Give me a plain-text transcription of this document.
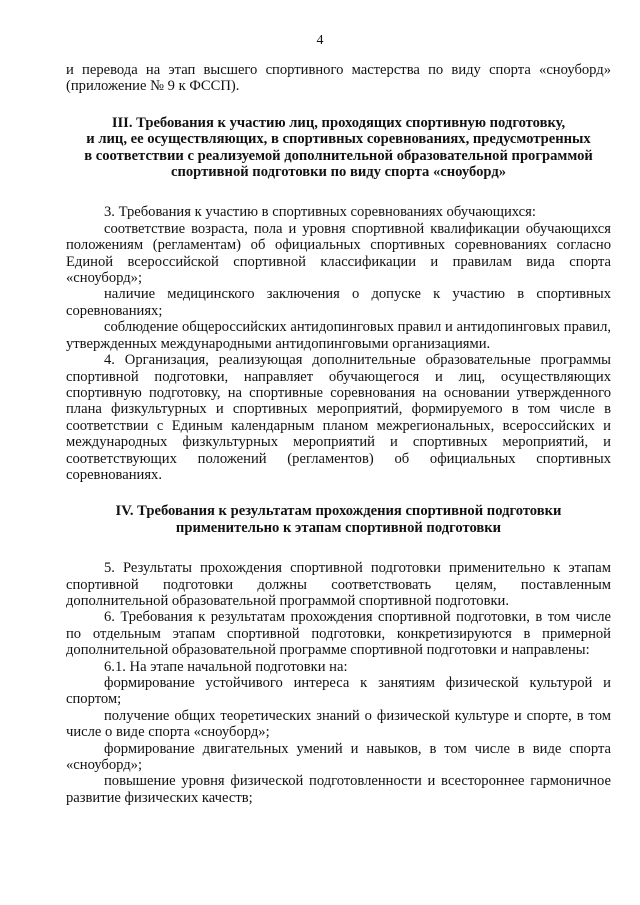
4

и перевода на этап высшего спортивного мастерства по виду спорта «сноуборд» (приложение № 9 к ФССП).

III. Требования к участию лиц, проходящих спортивную подготовку,
и лиц, ее осуществляющих, в спортивных соревнованиях, предусмотренных
в соответствии с реализуемой дополнительной образовательной программой
спортивной подготовки по виду спорта «сноуборд»

3. Требования к участию в спортивных соревнованиях обучающихся:

соответствие возраста, пола и уровня спортивной квалификации обучающихся положениям (регламентам) об официальных спортивных соревнованиях согласно Единой всероссийской спортивной классификации и правилам вида спорта «сноуборд»;

наличие медицинского заключения о допуске к участию в спортивных соревнованиях;

соблюдение общероссийских антидопинговых правил и антидопинговых правил, утвержденных международными антидопинговыми организациями.

4. Организация, реализующая дополнительные образовательные программы спортивной подготовки, направляет обучающегося и лиц, осуществляющих спортивную подготовку, на спортивные соревнования на основании утвержденного плана физкультурных и спортивных мероприятий, формируемого в том числе в соответствии с Единым календарным планом межрегиональных, всероссийских и международных физкультурных мероприятий и спортивных мероприятий, и соответствующих положений (регламентов) об официальных спортивных соревнованиях.

IV. Требования к результатам прохождения спортивной подготовки
применительно к этапам спортивной подготовки

5. Результаты прохождения спортивной подготовки применительно к этапам спортивной подготовки должны соответствовать целям, поставленным дополнительной образовательной программой спортивной подготовки.

6. Требования к результатам прохождения спортивной подготовки, в том числе по отдельным этапам спортивной подготовки, конкретизируются в примерной дополнительной образовательной программе спортивной подготовки и направлены:

6.1. На этапе начальной подготовки на:

формирование устойчивого интереса к занятиям физической культурой и спортом;

получение общих теоретических знаний о физической культуре и спорте, в том числе о виде спорта «сноуборд»;

формирование двигательных умений и навыков, в том числе в виде спорта «сноуборд»;

повышение уровня физической подготовленности и всестороннее гармоничное развитие физических качеств;
